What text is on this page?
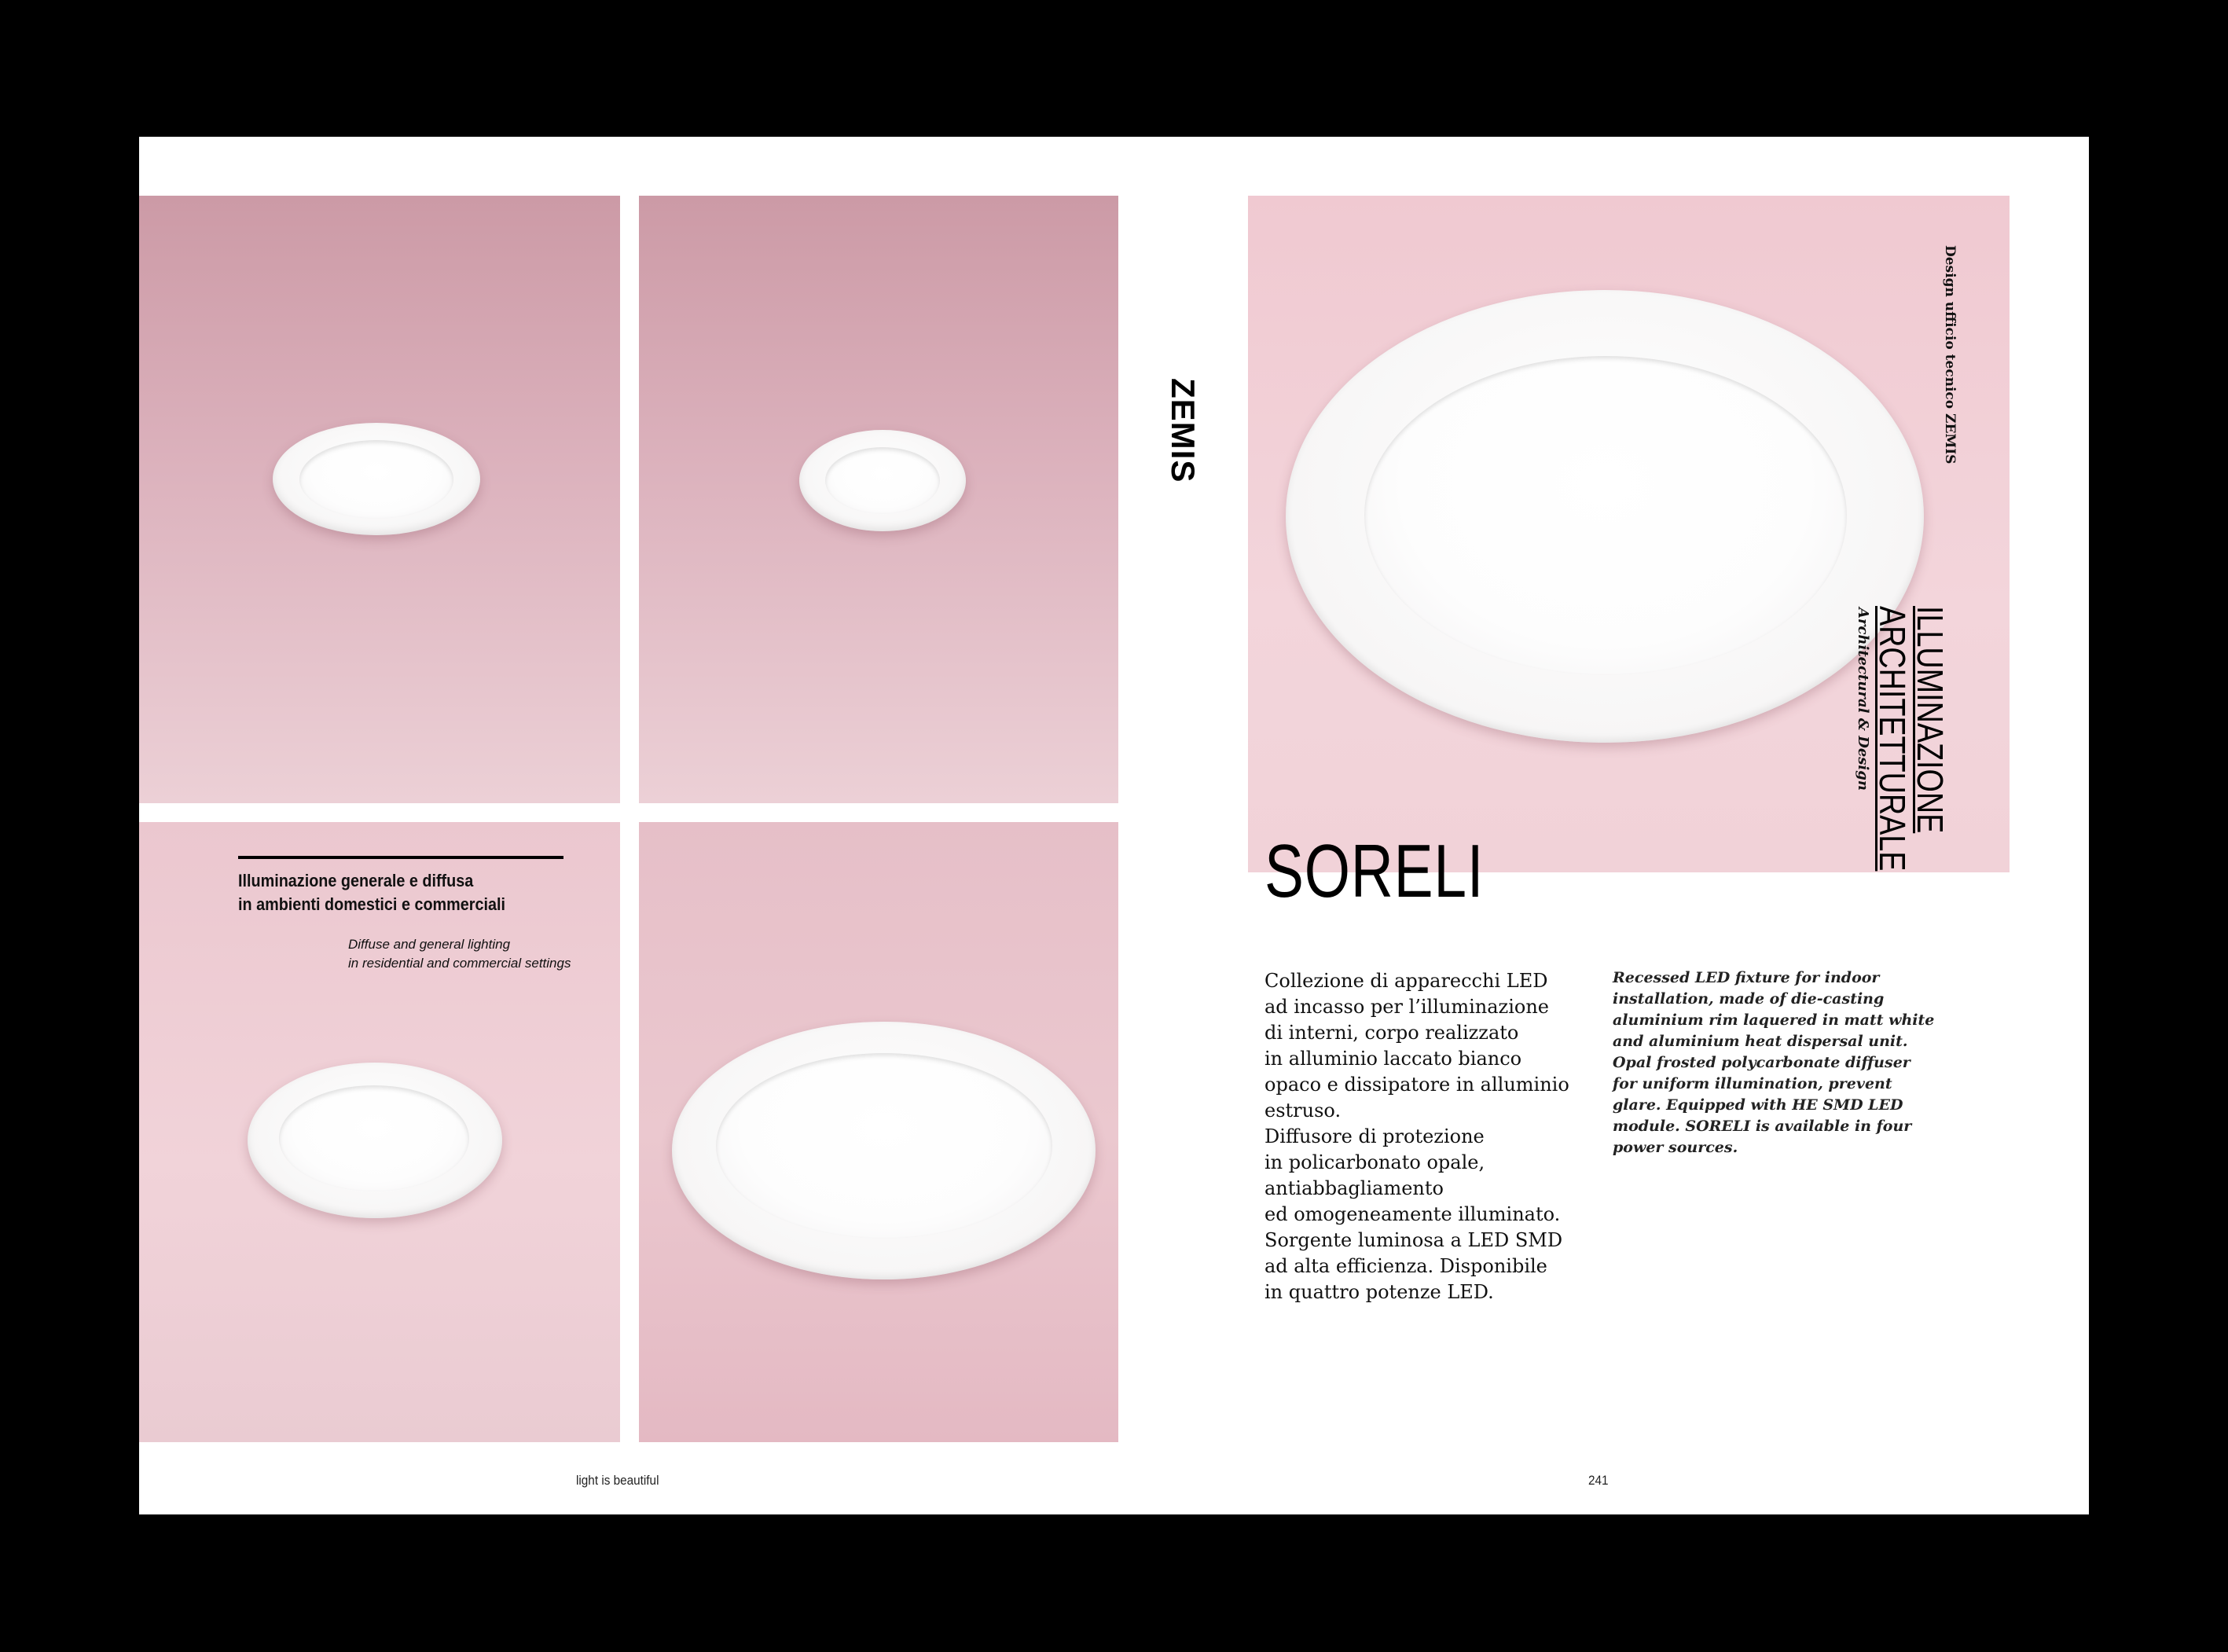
Illuminazione generale e diffusa
in ambienti domestici e commerciali
Diffuse and general lighting
in residential and commercial settings
light is beautiful
ZEMIS	Design ufficio tecnico ZEMIS
ILLUMINAZIONE
ARCHITETTURALE
Architectural & Design
SORELI
Collezione di apparecchi LED
ad incasso per l’illuminazione
di interni, corpo realizzato
in alluminio laccato bianco
opaco e dissipatore in alluminio
estruso.
Diffusore di protezione
in policarbonato opale,
antiabbagliamento
ed omogeneamente illuminato.
Sorgente luminosa a LED SMD
ad alta efficienza. Disponibile
in quattro potenze LED.
Recessed LED fixture for indoor
installation, made of die-casting
aluminium rim laquered in matt white
and aluminium heat dispersal unit.
Opal frosted polycarbonate diffuser
for uniform illumination, prevent
glare. Equipped with HE SMD LED
module. SORELI is available in four
power sources.
241
